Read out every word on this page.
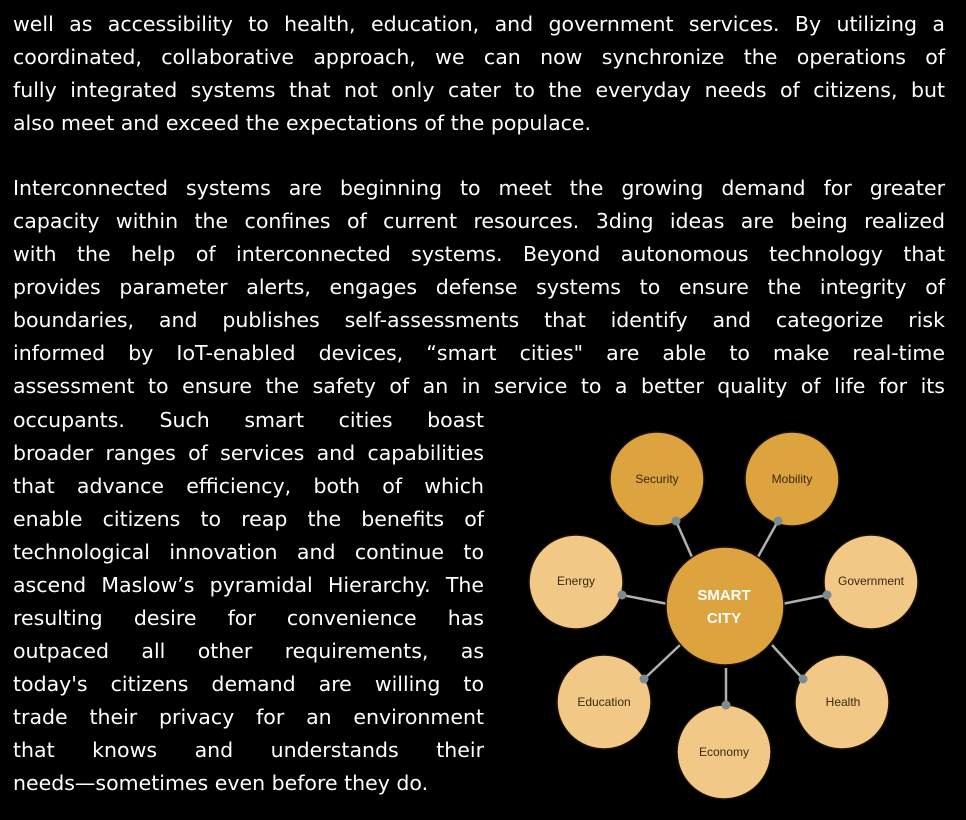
well as accessibility to health, education, and government services. By utilizing a
coordinated, collaborative approach, we can now synchronize the operations of
fully integrated systems that not only cater to the everyday needs of citizens, but
also meet and exceed the expectations of the populace.
Interconnected systems are beginning to meet the growing demand for greater
capacity within the confines of current resources. 3ding ideas are being realized
with the help of interconnected systems. Beyond autonomous technology that
provides parameter alerts, engages defense systems to ensure the integrity of
boundaries, and publishes self-assessments that identify and categorize risk
informed by IoT-enabled devices, “smart cities" are able to make real-time
assessment to ensure the safety of an in service to a better quality of life for its
occupants. Such smart cities boast
broader ranges of services and capabilities
that advance efficiency, both of which
enable citizens to reap the benefits of
technological innovation and continue to
ascend Maslow’s pyramidal Hierarchy. The
resulting desire for convenience has
outpaced all other requirements, as
today's citizens demand are willing to
trade their privacy for an environment
that knows and understands their
needs—sometimes even before they do.
SMART
CITY
Security	Mobility
Government
Health
Economy
Education
Energy
